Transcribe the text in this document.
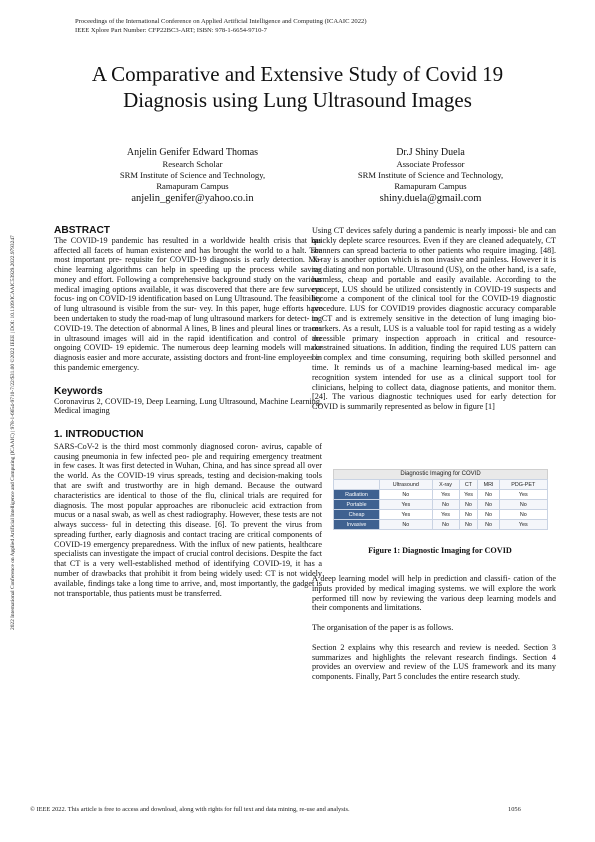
Proceedings of the International Conference on Applied Artificial Intelligence and Computing (ICAAIC 2022)
IEEE Xplore Part Number: CFP22BC3-ART; ISBN: 978-1-6654-9710-7
2022 International Conference on Applied Artificial Intelligence and Computing (ICAAIC) | 978-1-6654-9710-7/22/$31.00 ©2022 IEEE | DOI: 10.1109/ICAAIC53929.2022.9793247
A Comparative and Extensive Study of Covid 19
Diagnosis using Lung Ultrasound Images
Anjelin Genifer Edward Thomas
Research Scholar
SRM Institute of Science and Technology,
Ramapuram Campus
anjelin_genifer@yahoo.co.in
Dr.J Shiny Duela
Associate Professor
SRM Institute of Science and Technology,
Ramapuram Campus
shiny.duela@gmail.com

ABSTRACT

The COVID-19 pandemic has resulted in a worldwide health crisis that has affected all facets of human existence and has brought the world to a halt. The most important pre- requisite for COVID-19 diagnosis is early detection. Ma- chine learning algorithms can help in speeding up the process while saving money and effort. Following a comprehensive background study on the various medical imaging options available, it was discovered that there are few surveys focus- ing on COVID-19 identification based on Lung Ultrasound. The feasibility of lung ultrasound is visible from the sur- vey. In this paper, huge efforts have been undertaken to study the road-map of lung ultrasound markers for detect- ing COVID-19. The detection of abnormal A lines, B lines and pleural lines or traces in ultrasound images will aid in the rapid identification and control of the ongoing COVID- 19 epidemic. The numerous deep learning models will make diagnosis easier and more accurate, assisting doctors and front-line employees in this pandemic emergency.

Keywords

Coronavirus 2, COVID-19, Deep Learning, Lung Ultrasound, Machine Learning, Medical imaging

1. INTRODUCTION

SARS-CoV-2 is the third most commonly diagnosed coron- avirus, capable of causing pneumonia in few infected peo- ple and requiring emergency treatment in few cases. It was first detected in Wuhan, China, and has since spread all over the world. As the COVID-19 virus spreads, testing and decision-making tools that are swift and trustworthy are in high demand. Because the outward characteristics are identical to those of the flu, clinical trials are required for diagnosis. The most popular approaches are ribonucleic acid extraction from mucus or a nasal swab, as well as chest radiography. However, these tests are not always success- ful in detecting this disease. [6]. To prevent the virus from spreading further, early diagnosis and contact tracing are critical components of COVID-19 emergency preparedness. With the influx of new patients, healthcare specialists can investigate the impact of crucial control decisions. Despite the fact that CT is a very well-established method of identifying COVID-19, it has a number of drawbacks that prohibit it from being widely used: CT is not widely available, findings take a long time to arrive, and, most importantly, the gadget is not transportable, thus patients must be transferred.

Using CT devices safely during a pandemic is nearly impossi- ble and can quickly deplete scarce resources. Even if they are cleaned adequately, CT scanners can spread bacteria to other patients who require imaging. [48]. X-ray is another option which is non invasive and painless. However it is ra- diating and non portable. Ultrasound (US), on the other hand, is a safe, harmless, cheap and portable and easily available. According to the concept, LUS should be utilized consistently in COVID-19 suspects and become a component of the clinical tool for the COVID-19 diagnostic procedure. LUS for COVID19 provides diagnostic accuracy comparable to CT and is extremely sensitive in the detection of lung imaging bio-markers. As a result, LUS is a valuable tool for rapid testing as a widely accessible primary inspection approach in critical and resource-constrained situations. In addition, finding the required LUS pattern can be complex and time consuming, requiring both skilled personnel and time. It reminds us of a machine learning-based medical im- age recognition system intended for use as a clinical support tool for clinicians, helping to collect data, diagnose patients, and monitor them.[24]. The various diagnostic techniques used for early detection for COVID is summarily represented as below in figure [1]

Diagnostic Imaging for COVID
	Ultrasound	X-ray	CT	MRI	PDG-PET
Radiation	No	Yes	Yes	No	Yes
Portable	Yes	No	No	No	No
Cheap	Yes	Yes	No	No	No
Invasive	No	No	No	No	Yes
Figure 1: Diagnostic Imaging for COVID

A deep learning model will help in prediction and classifi- cation of the inputs provided by medical imaging systems. we will explore the work performed till now by reviewing the various deep learning models and their components and limitations.

The organisation of the paper is as follows.

Section 2 explains why this research and review is needed. Section 3 summarizes and highlights the relevant research findings. Section 4 provides an overview and review of the LUS framework and its many components. Finally, Part 5 concludes the entire research study.

© IEEE 2022. This article is free to access and download, along with rights for full text and data mining, re-use and analysis.	1056
